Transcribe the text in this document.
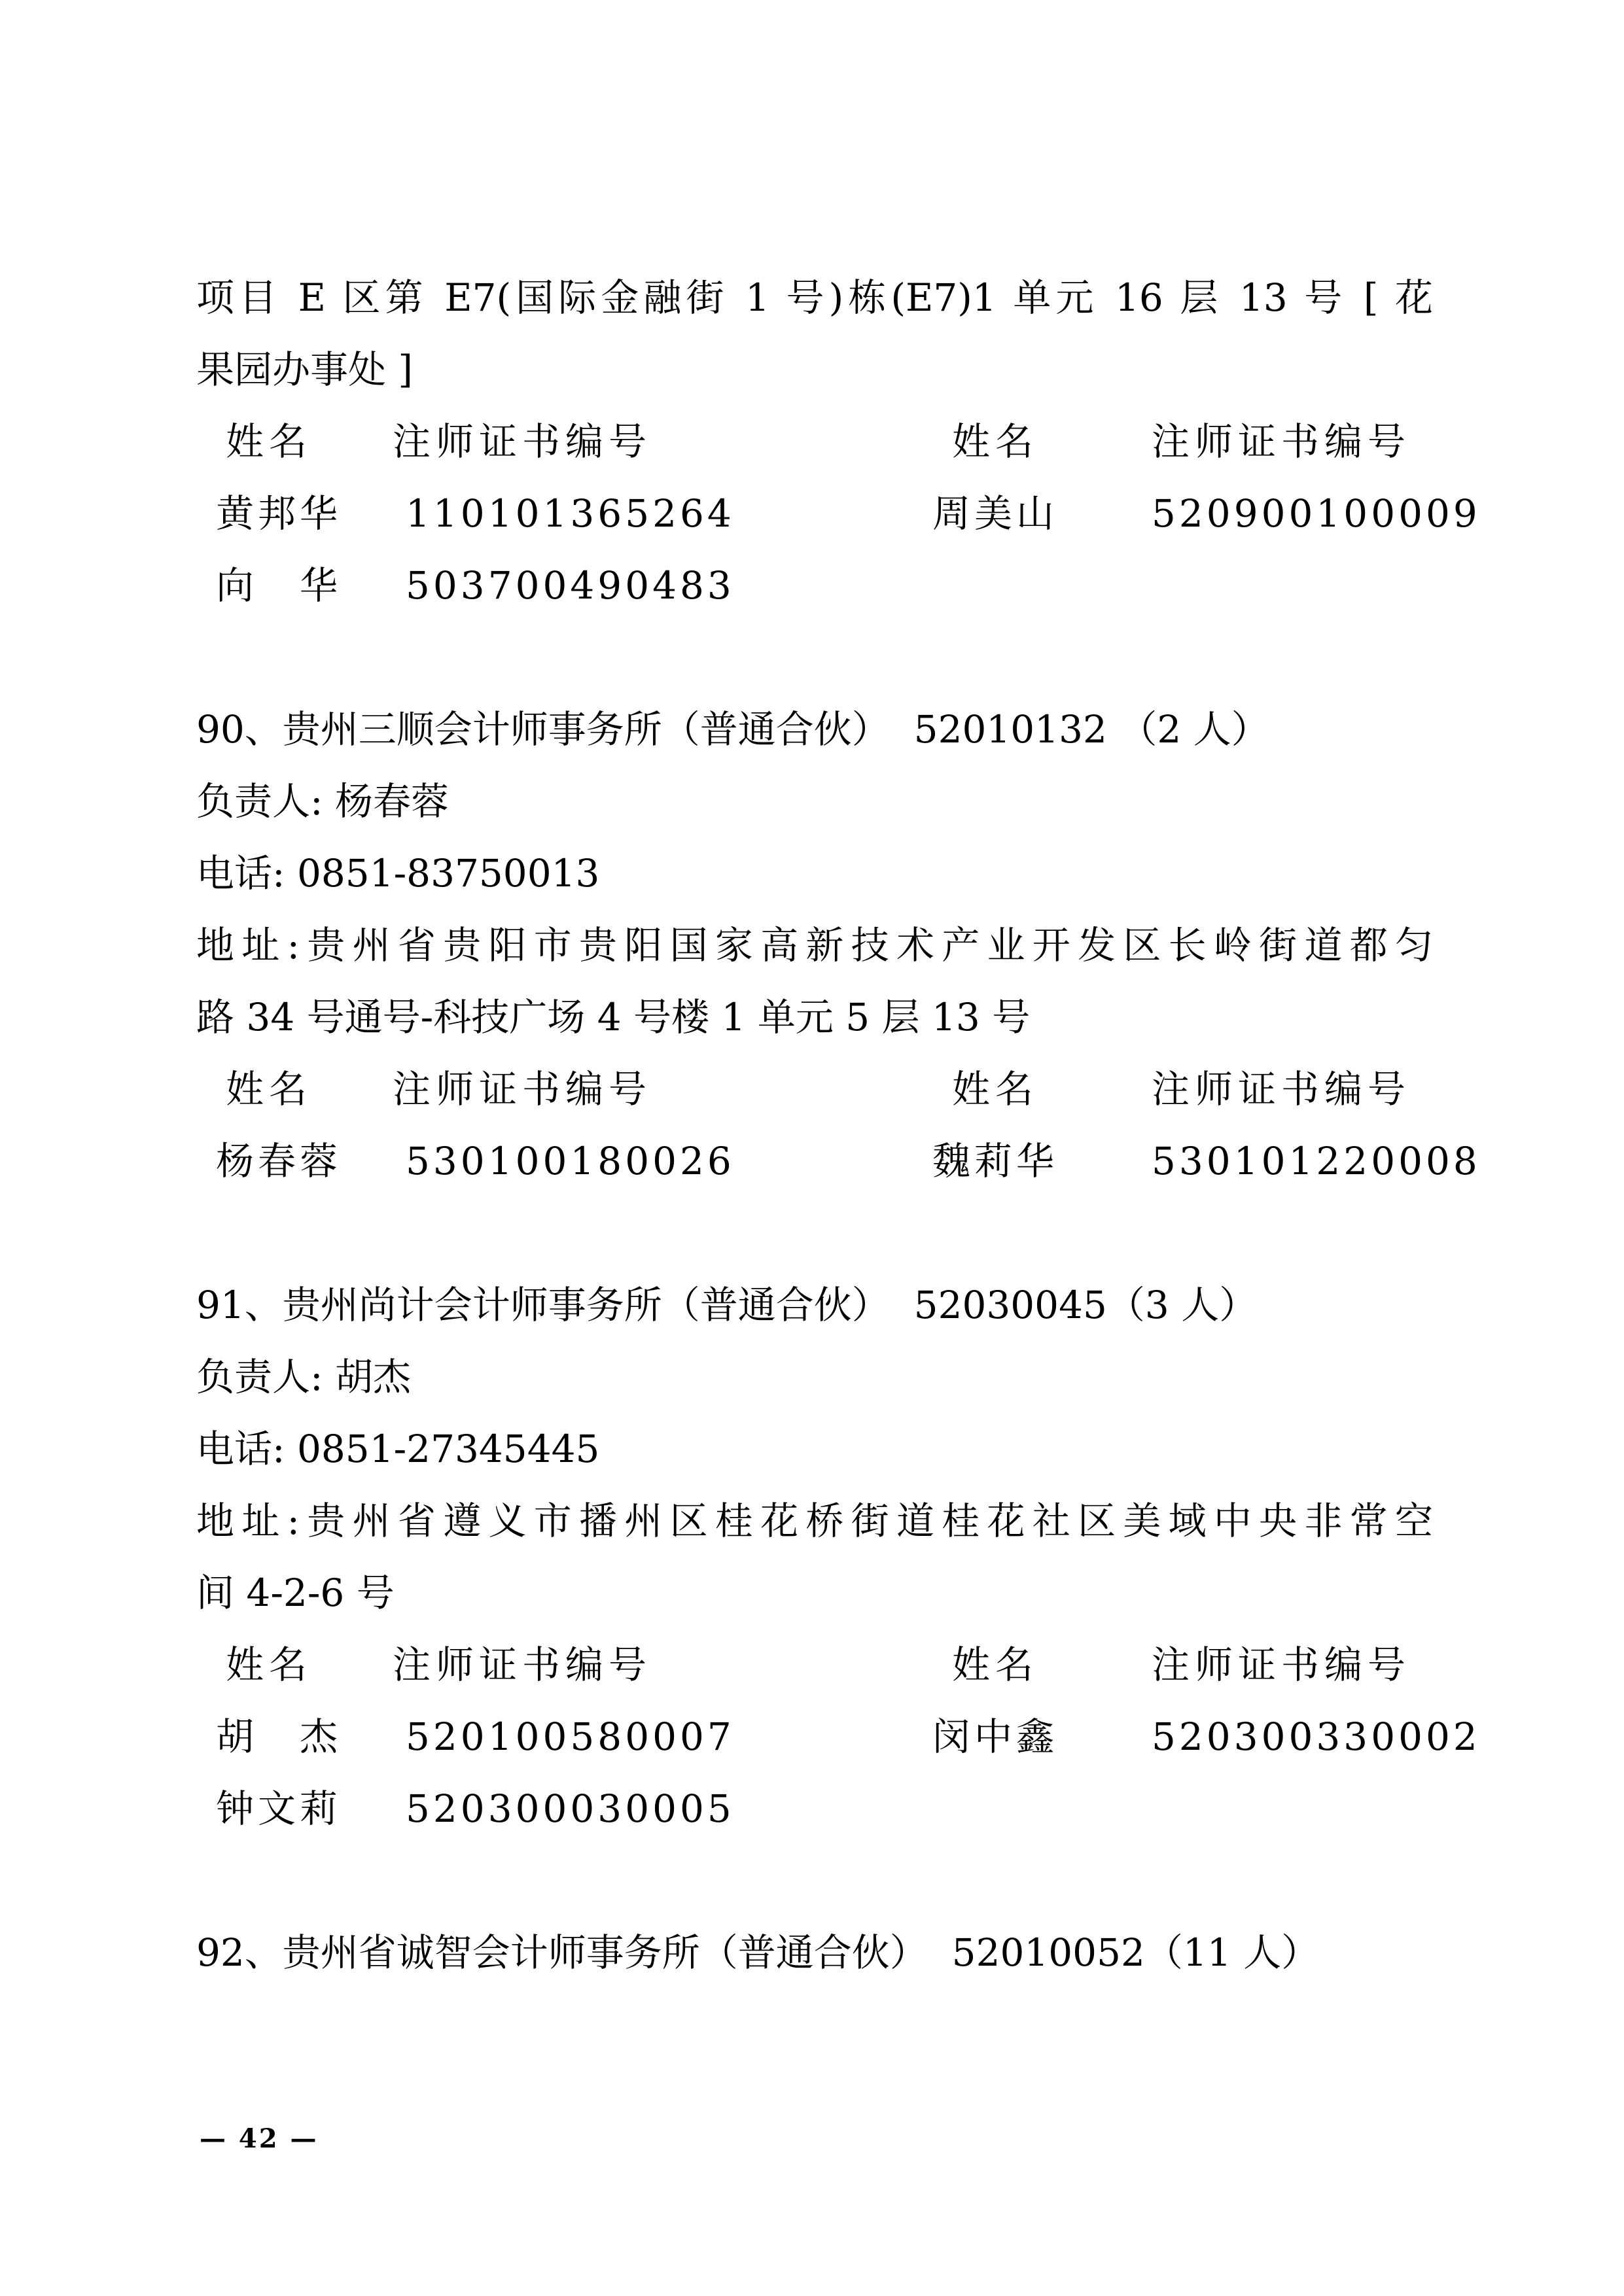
项目 E 区第 E7(国际金融街 1 号)栋(E7)1 单元 16 层 13 号 [ 花
果园办事处 ]
姓名	注师证书编号	姓名	注师证书编号
黄邦华	110101365264	周美山	520900100009
向　华	503700490483
90、贵州三顺会计师事务所（普通合伙）  52010132 （2 人）
负责人: 杨春蓉
电话: 0851-83750013
地址:贵州省贵阳市贵阳国家高新技术产业开发区长岭街道都匀
路 34 号通号-科技广场 4 号楼 1 单元 5 层 13 号
姓名	注师证书编号	姓名	注师证书编号
杨春蓉	530100180026	魏莉华	530101220008
91、贵州尚计会计师事务所（普通合伙）  52030045（3 人）
负责人: 胡杰
电话: 0851-27345445
地址:贵州省遵义市播州区桂花桥街道桂花社区美域中央非常空
间 4-2-6 号
姓名	注师证书编号	姓名	注师证书编号
胡　杰	520100580007	闵中鑫	520300330002
钟文莉	520300030005
92、贵州省诚智会计师事务所（普通合伙）  52010052（11 人）
— 42 —
